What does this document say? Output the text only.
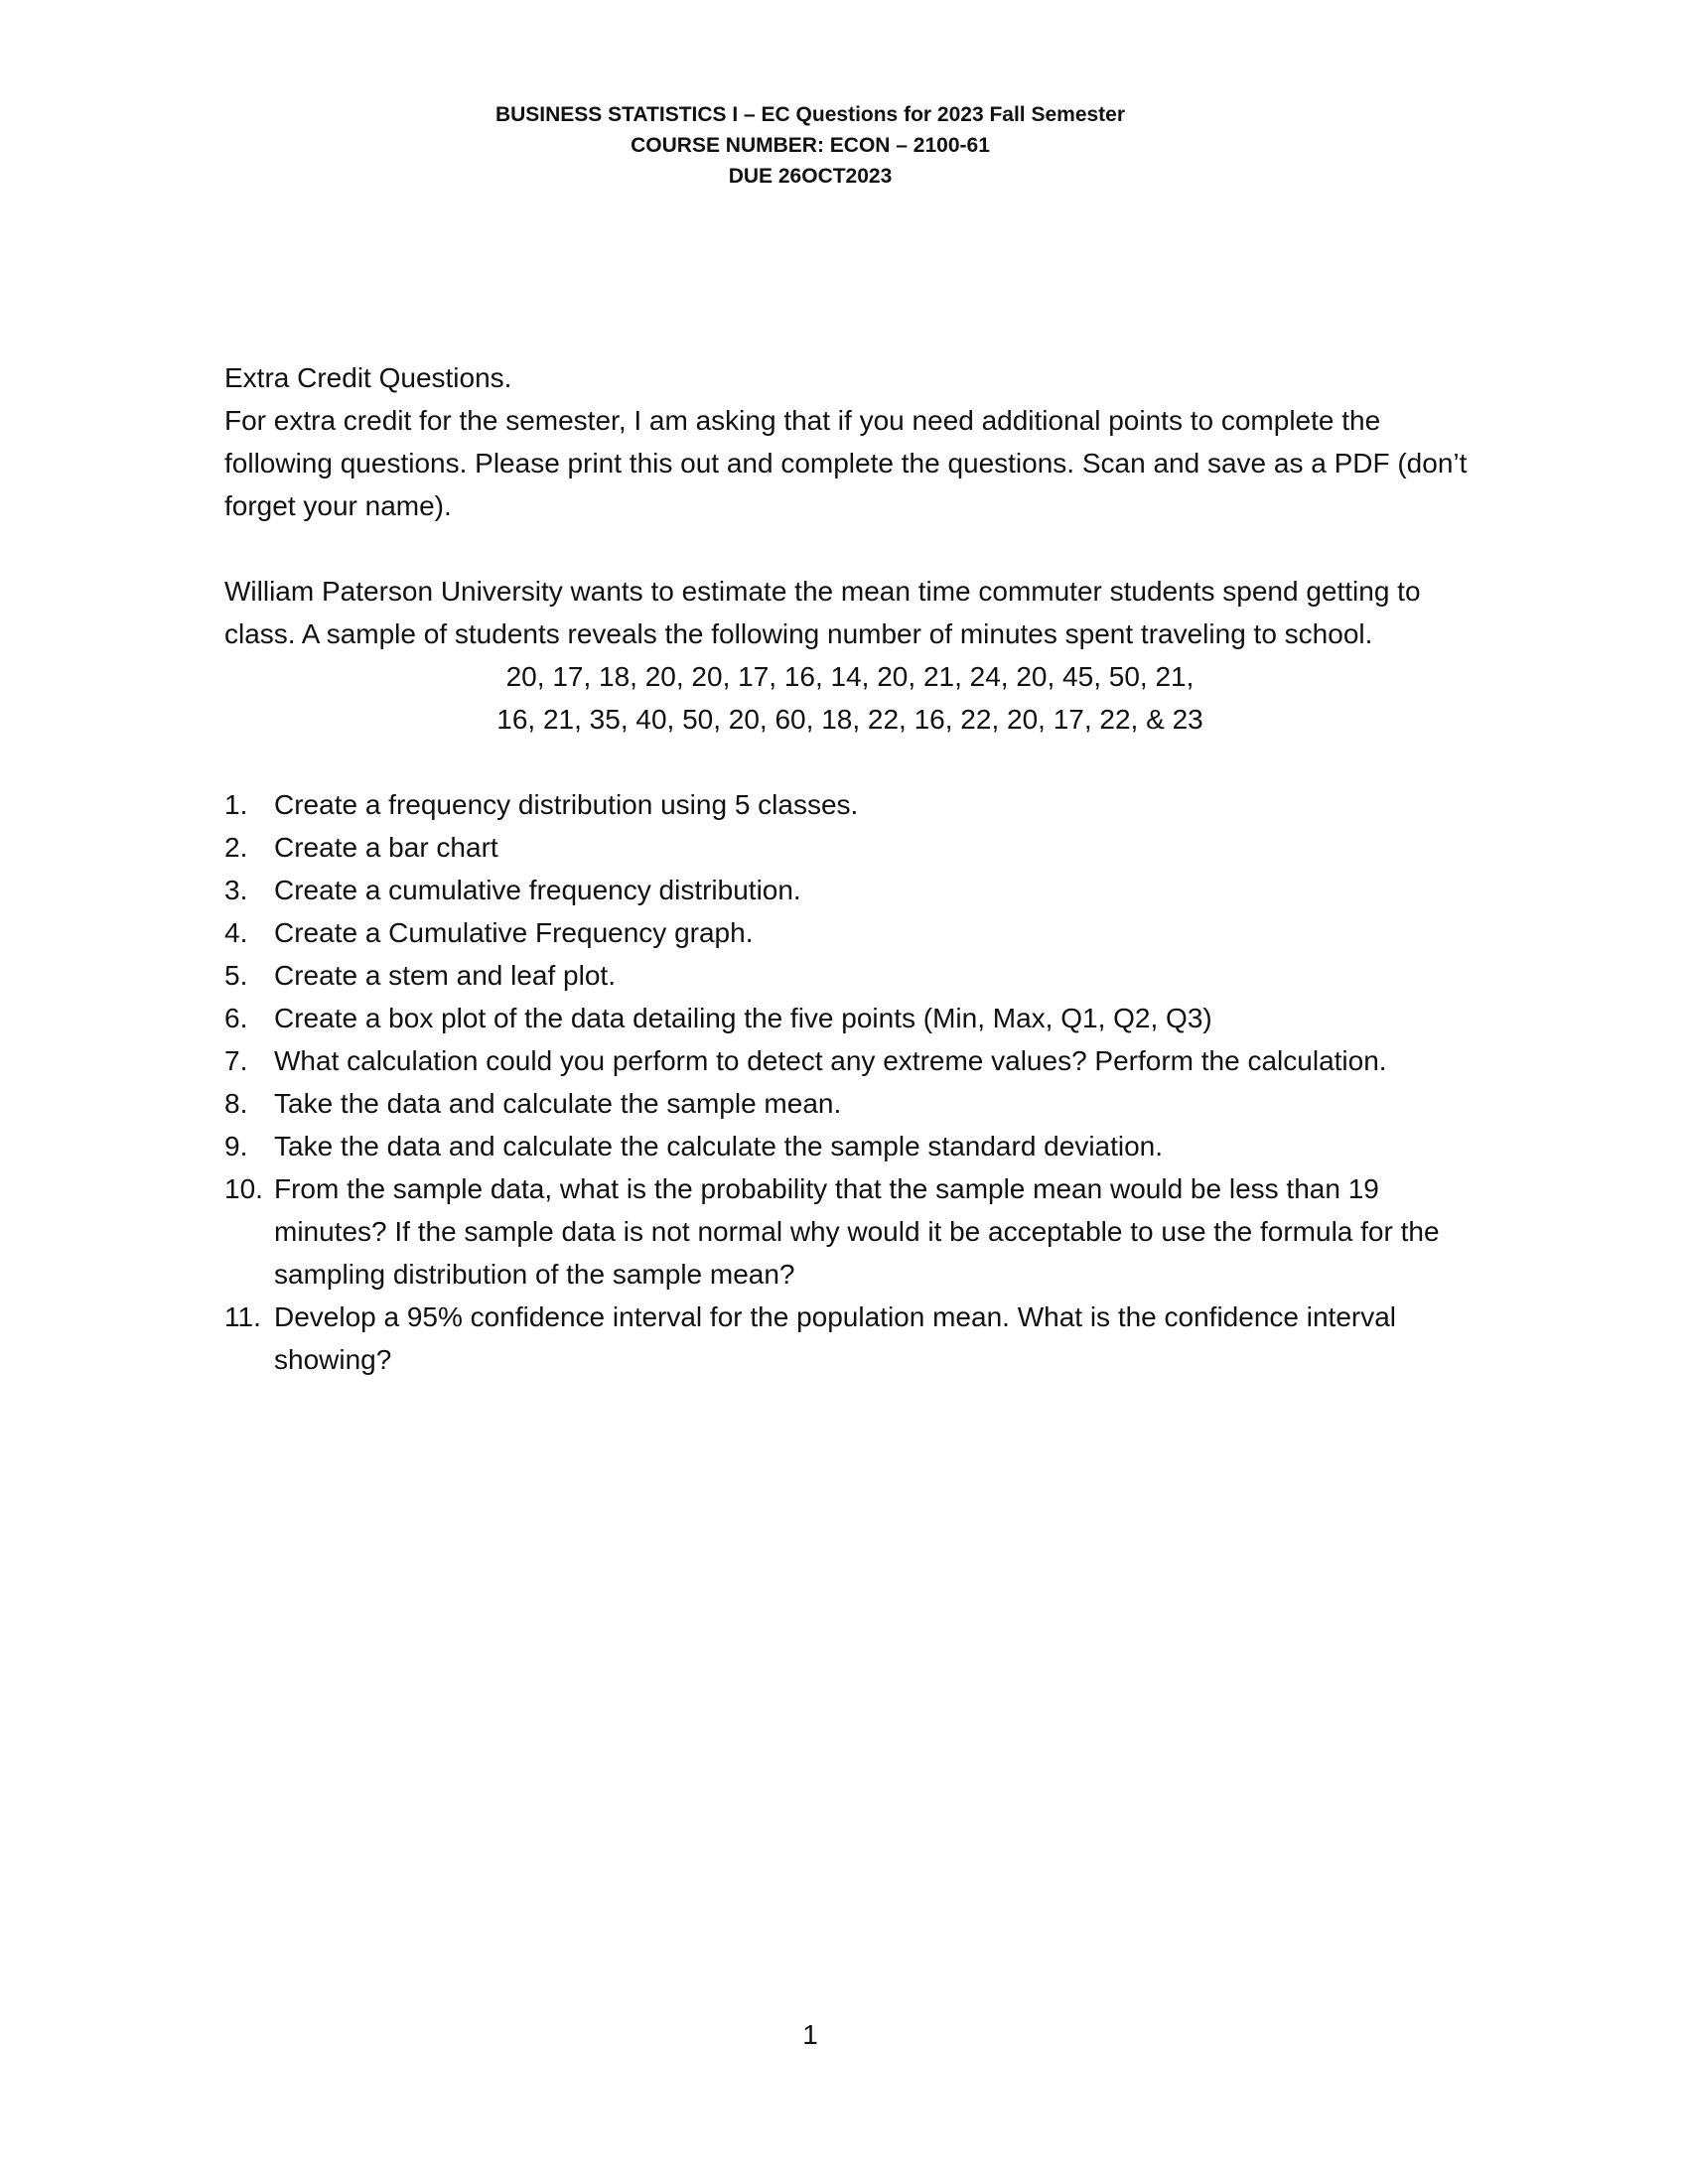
BUSINESS STATISTICS I – EC Questions for 2023 Fall Semester
COURSE NUMBER: ECON – 2100-61
DUE 26OCT2023

Extra Credit Questions.

For extra credit for the semester, I am asking that if you need additional points to complete the following questions. Please print this out and complete the questions. Scan and save as a PDF (don’t forget your name).

William Paterson University wants to estimate the mean time commuter students spend getting to class. A sample of students reveals the following number of minutes spent traveling to school.

20, 17, 18, 20, 20, 17, 16, 14, 20, 21, 24, 20, 45, 50, 21,
16, 21, 35, 40, 50, 20, 60, 18, 22, 16, 22, 20, 17, 22, & 23
1. Create a frequency distribution using 5 classes.
2. Create a bar chart
3. Create a cumulative frequency distribution.
4. Create a Cumulative Frequency graph.
5. Create a stem and leaf plot.
6. Create a box plot of the data detailing the five points (Min, Max, Q1, Q2, Q3)
7. What calculation could you perform to detect any extreme values? Perform the calculation.
8. Take the data and calculate the sample mean.
9. Take the data and calculate the calculate the sample standard deviation.
10. From the sample data, what is the probability that the sample mean would be less than 19 minutes? If the sample data is not normal why would it be acceptable to use the formula for the sampling distribution of the sample mean?
11. Develop a 95% confidence interval for the population mean. What is the confidence interval showing?
1
